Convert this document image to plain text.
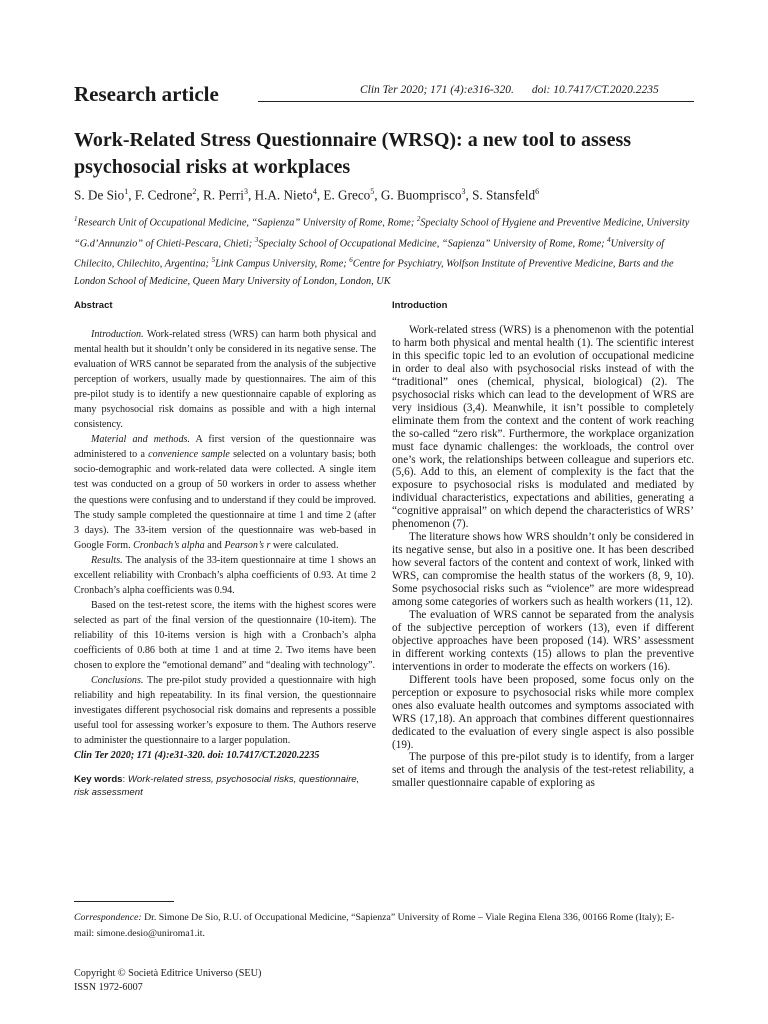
Research article	Clin Ter 2020; 171 (4):e316-320. doi: 10.7417/CT.2020.2235
Work-Related Stress Questionnaire (WRSQ): a new tool to assess psychosocial risks at workplaces
S. De Sio$^1$, F. Cedrone$^2$, R. Perri$^3$, H.A. Nieto$^4$, E. Greco$^5$, G. Buomprisco$^3$, S. Stansfeld$^6$
$^1$Research Unit of Occupational Medicine, “Sapienza” University of Rome, Rome; $^2$Specialty School of Hygiene and Preventive Medicine, University “G.d’Annunzio” of Chieti-Pescara, Chieti; $^3$Specialty School of Occupational Medicine, “Sapienza” University of Rome, Rome; $^4$University of Chilecito, Chilechito, Argentina; $^5$Link Campus University, Rome; $^6$Centre for Psychiatry, Wolfson Institute of Preventive Medicine, Barts and the London School of Medicine, Queen Mary University of London, London, UK
Abstract	Introduction

Introduction. Work-related stress (WRS) can harm both physical and mental health but it shouldn’t only be considered in its negative sense. The evaluation of WRS cannot be separated from the analysis of the subjective perception of workers, usually made by questionnaires. The aim of this pre-pilot study is to identify a new questionnaire capable of exploring as many psychosocial risk domains as possible and with a high internal consistency.

Material and methods. A first version of the questionnaire was administered to a convenience sample selected on a voluntary basis; both socio-demographic and work-related data were collected. A single item test was conducted on a group of 50 workers in order to assess whether the questions were confusing and to understand if they could be improved. The study sample completed the questionnaire at time 1 and time 2 (after 3 days). The 33-item version of the questionnaire was web-based in Google Form. Cronbach’s alpha and Pearson’s r were calculated.

Results. The analysis of the 33-item questionnaire at time 1 shows an excellent reliability with Cronbach’s alpha coefficients of 0.93. At time 2 Cronbach’s alpha coefficients was 0.94.

Based on the test-retest score, the items with the highest scores were selected as part of the final version of the questionnaire (10-item). The reliability of this 10-items version is high with a Cronbach’s alpha coefficients of 0.86 both at time 1 and at time 2. Two items have been chosen to explore the “emotional demand” and “dealing with technology”.

Conclusions. The pre-pilot study provided a questionnaire with high reliability and high repeatability. In its final version, the questionnaire investigates different psychosocial risk domains and represents a possible useful tool for assessing worker’s exposure to them. The Authors reserve to administer the questionnaire to a larger population.

Clin Ter 2020; 171 (4):e31-320. doi: 10.7417/CT.2020.2235

Key words: Work-related stress, psychosocial risks, questionnaire, risk assessment

Work-related stress (WRS) is a phenomenon with the potential to harm both physical and mental health (1). The scientific interest in this specific topic led to an evolution of occupational medicine in order to deal also with psychosocial risks instead of with the “traditional” ones (chemical, physical, biological) (2). The psychosocial risks which can lead to the development of WRS are very insidious (3,4). Meanwhile, it isn’t possible to completely eliminate them from the context and the content of work reaching the so-called “zero risk”. Furthermore, the workplace organization must face dynamic challenges: the workloads, the control over one’s work, the relationships between colleague and superiors etc. (5,6). Add to this, an element of complexity is the fact that the exposure to psychosocial risks is modulated and mediated by individual characteristics, expectations and abilities, generating a “cognitive appraisal” on which depend the characteristics of WRS’ phenomenon (7).

The literature shows how WRS shouldn’t only be considered in its negative sense, but also in a positive one. It has been described how several factors of the content and context of work, linked with WRS, can compromise the health status of the workers (8, 9, 10). Some psychosocial risks such as “violence” are more widespread among some categories of workers such as health workers (11, 12).

The evaluation of WRS cannot be separated from the analysis of the subjective perception of workers (13), even if different objective approaches have been proposed (14). WRS’ assessment in different working contexts (15) allows to plan the preventive interventions in order to moderate the effects on workers (16).

Different tools have been proposed, some focus only on the perception or exposure to psychosocial risks while more complex ones also evaluate health outcomes and symptoms associated with WRS (17,18). An approach that combines different questionnaires dedicated to the evaluation of every single aspect is also possible (19).

The purpose of this pre-pilot study is to identify, from a larger set of items and through the analysis of the test-retest reliability, a smaller questionnaire capable of exploring as

Correspondence: Dr. Simone De Sio, R.U. of Occupational Medicine, “Sapienza” University of Rome – Viale Regina Elena 336, 00166 Rome (Italy); E-mail: simone.desio@uniroma1.it.
Copyright © Società Editrice Universo (SEU)
ISSN 1972-6007
